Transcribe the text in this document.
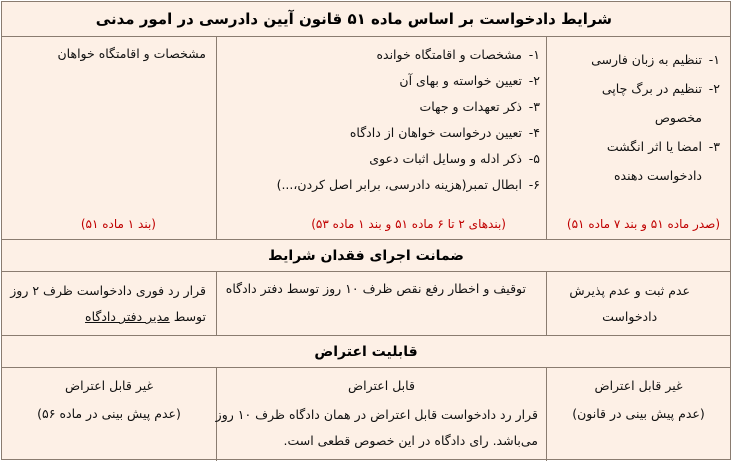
شرایط دادخواست بر اساس ماده ۵۱ قانون آیین دادرسی در امور مدنی
۱-تنظیم به زبان فارسی
۲-تنظیم در برگ چاپی
مخصوص
۳-امضا یا اثر انگشت
دادخواست دهنده
(صدر ماده ۵۱ و بند ۷ ماده ۵۱)
۱-مشخصات و اقامتگاه خوانده
۲-تعیین خواسته و بهای آن
۳-ذکر تعهدات و جهات
۴-تعیین درخواست خواهان از دادگاه
۵-ذکر ادله و وسایل اثبات دعوی
۶-ابطال تمبر(هزینه دادرسی، برابر اصل کردن،...)
(بندهای ۲ تا ۶ ماده ۵۱ و بند ۱ ماده ۵۳)
مشخصات و اقامتگاه خواهان
(بند ۱ ماده ۵۱)
ضمانت اجرای فقدان شرایط
عدم ثبت و عدم پذیرش
دادخواست
توقیف و اخطار رفع نقص ظرف ۱۰ روز توسط دفتر دادگاه
قرار رد فوری دادخواست ظرف ۲ روز
توسط مدیر دفتر دادگاه
قابلیت اعتراض
غیر قابل اعتراض
(عدم پیش بینی در قانون)
قابل اعتراض
قرار رد دادخواست قابل اعتراض در همان دادگاه ظرف ۱۰ روز
می‌باشد. رای دادگاه در این خصوص قطعی است.
غیر قابل اعتراض
(عدم پیش بینی در ماده ۵۶)
